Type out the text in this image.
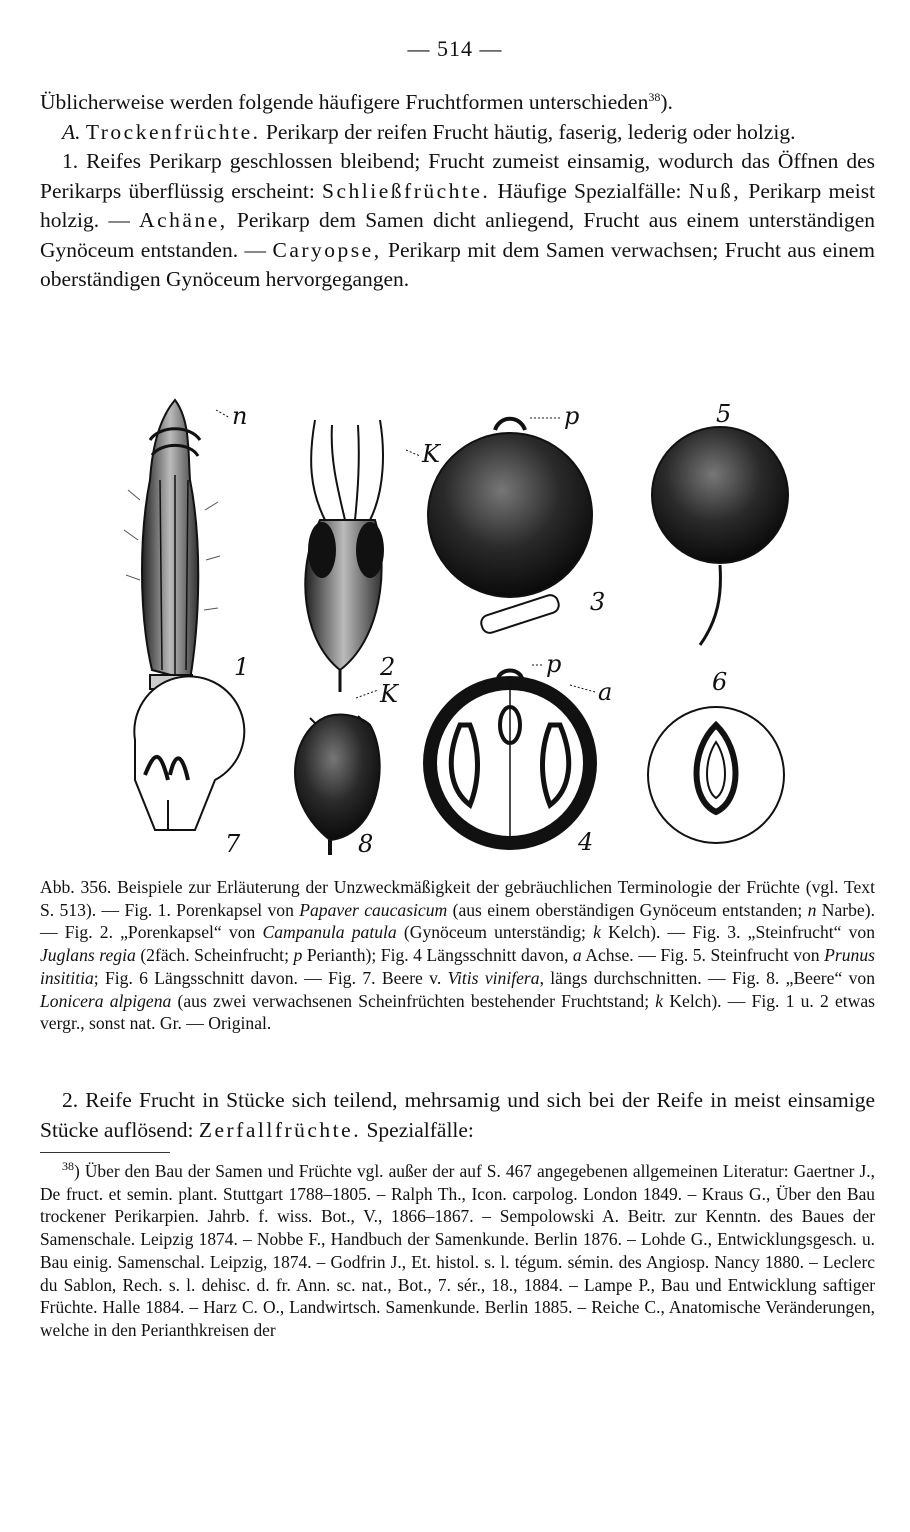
— 514 —

Üblicherweise werden folgende häufigere Fruchtformen unterschieden$^{38}$).

A. Trockenfrüchte. Perikarp der reifen Frucht häutig, faserig, lederig oder holzig.

1. Reifes Perikarp geschlossen bleibend; Frucht zumeist einsamig, wodurch das Öffnen des Perikarps überflüssig erscheint: Schließfrüchte. Häufige Spezialfälle: Nuß, Perikarp meist holzig. — Achäne, Perikarp dem Samen dicht anliegend, Frucht aus einem unterständigen Gynöceum entstanden. — Caryopse, Perikarp mit dem Samen verwachsen; Frucht aus einem oberständigen Gynöceum hervorgegangen.

n
K
p	5
3
1	2	p
a	6
K
7	8	4

Abb. 356. Beispiele zur Erläuterung der Unzweckmäßigkeit der gebräuchlichen Terminologie der Früchte (vgl. Text S. 513). — Fig. 1. Porenkapsel von Papaver caucasicum (aus einem oberständigen Gynöceum entstanden; n Narbe). — Fig. 2. „Porenkapsel“ von Campanula patula (Gynöceum unterständig; k Kelch). — Fig. 3. „Steinfrucht“ von Juglans regia (2fäch. Scheinfrucht; p Perianth); Fig. 4 Längsschnitt davon, a Achse. — Fig. 5. Steinfrucht von Prunus insititia; Fig. 6 Längsschnitt davon. — Fig. 7. Beere v. Vitis vinifera, längs durchschnitten. — Fig. 8. „Beere“ von Lonicera alpigena (aus zwei verwachsenen Scheinfrüchten bestehender Fruchtstand; k Kelch). — Fig. 1 u. 2 etwas vergr., sonst nat. Gr. — Original.

2. Reife Frucht in Stücke sich teilend, mehrsamig und sich bei der Reife in meist einsamige Stücke auflösend: Zerfallfrüchte. Spezialfälle:

$^{38}$) Über den Bau der Samen und Früchte vgl. außer der auf S. 467 angegebenen allgemeinen Literatur: Gaertner J., De fruct. et semin. plant. Stuttgart 1788–1805. – Ralph Th., Icon. carpolog. London 1849. – Kraus G., Über den Bau trockener Perikarpien. Jahrb. f. wiss. Bot., V., 1866–1867. – Sempolowski A. Beitr. zur Kenntn. des Baues der Samenschale. Leipzig 1874. – Nobbe F., Handbuch der Samenkunde. Berlin 1876. – Lohde G., Entwicklungsgesch. u. Bau einig. Samenschal. Leipzig, 1874. – Godfrin J., Et. histol. s. l. tégum. sémin. des Angiosp. Nancy 1880. – Leclerc du Sablon, Rech. s. l. dehisc. d. fr. Ann. sc. nat., Bot., 7. sér., 18., 1884. – Lampe P., Bau und Entwicklung saftiger Früchte. Halle 1884. – Harz C. O., Landwirtsch. Samenkunde. Berlin 1885. – Reiche C., Anatomische Veränderungen, welche in den Perianthkreisen der
